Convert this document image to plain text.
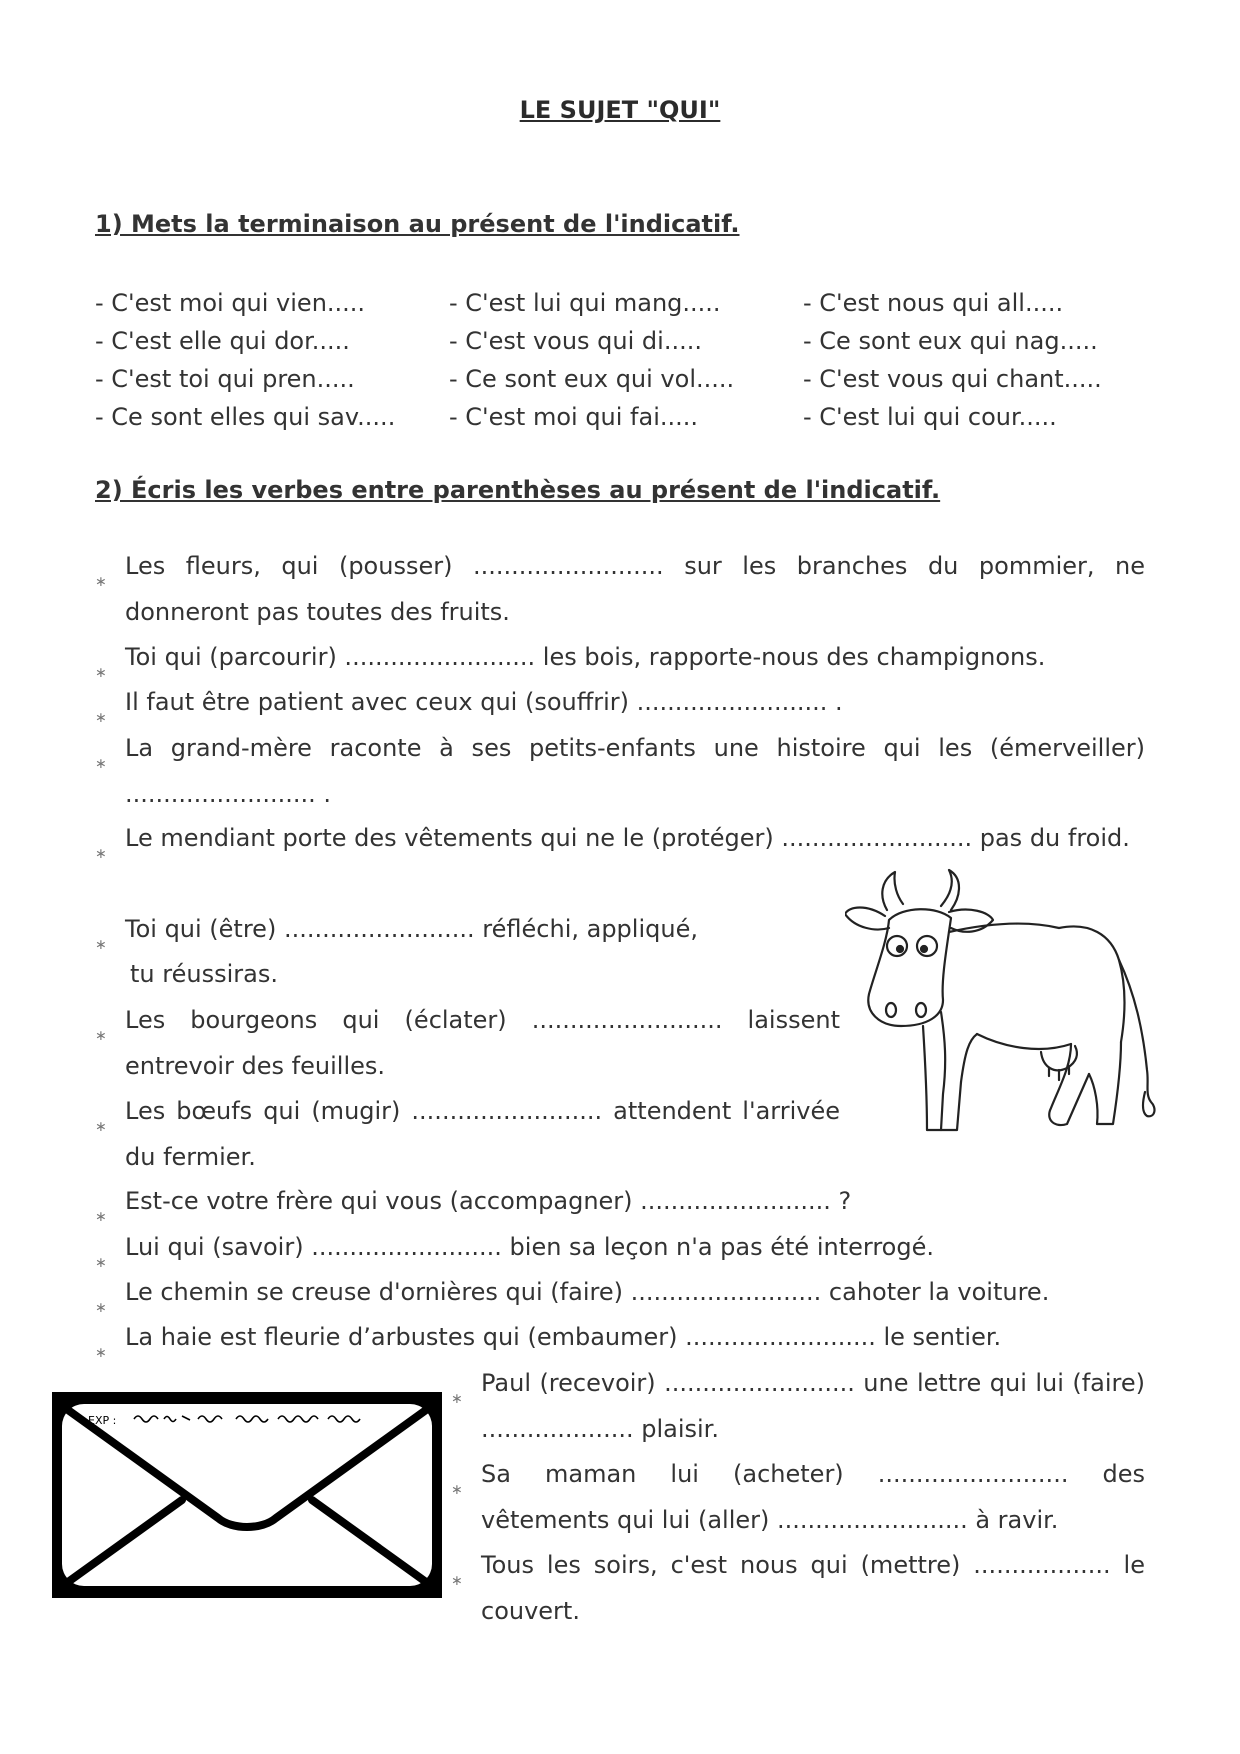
LE SUJET "QUI"
1) Mets la terminaison au présent de l'indicatif.
- C'est moi qui vien.....
- C'est elle qui dor.....
- C'est toi qui pren.....
- Ce sont elles qui sav.....
- C'est lui qui mang.....
- C'est vous qui di.....
- Ce sont eux qui vol.....
- C'est moi qui fai.....
- C'est nous qui all.....
- Ce sont eux qui nag.....
- C'est vous qui chant.....
- C'est lui qui cour.....
2) Écris les verbes entre parenthèses au présent de l'indicatif.
∗
Les fleurs, qui (pousser) ......................... sur les branches du pommier, ne donneront pas toutes des fruits.
∗
Toi qui (parcourir) ......................... les bois, rapporte-nous des champignons.
∗
Il faut être patient avec ceux qui (souffrir) ......................... .
∗
La grand-mère raconte à ses petits-enfants une histoire qui les (émerveiller) ......................... .
∗
Le mendiant porte des vêtements qui ne le (protéger) ......................... pas du froid.
∗
Toi qui (être) ......................... réfléchi, appliqué,
tu réussiras.
∗
Les bourgeons qui (éclater) ......................... laissent entrevoir des feuilles.
∗
Les bœufs qui (mugir) ......................... attendent l'arrivée du fermier.
∗
Est-ce votre frère qui vous (accompagner) ......................... ?
∗
Lui qui (savoir) ......................... bien sa leçon n'a pas été interrogé.
∗
Le chemin se creuse d'ornières qui (faire) ......................... cahoter la voiture.
∗
La haie est fleurie d’arbustes qui (embaumer) ......................... le sentier.
∗
Paul (recevoir) ......................... une lettre qui lui (faire) .................... plaisir.
∗
Sa maman lui (acheter) ......................... des vêtements qui lui (aller) ......................... à ravir.
∗
Tous les soirs, c'est nous qui (mettre) .................. le couvert.
EXP :
